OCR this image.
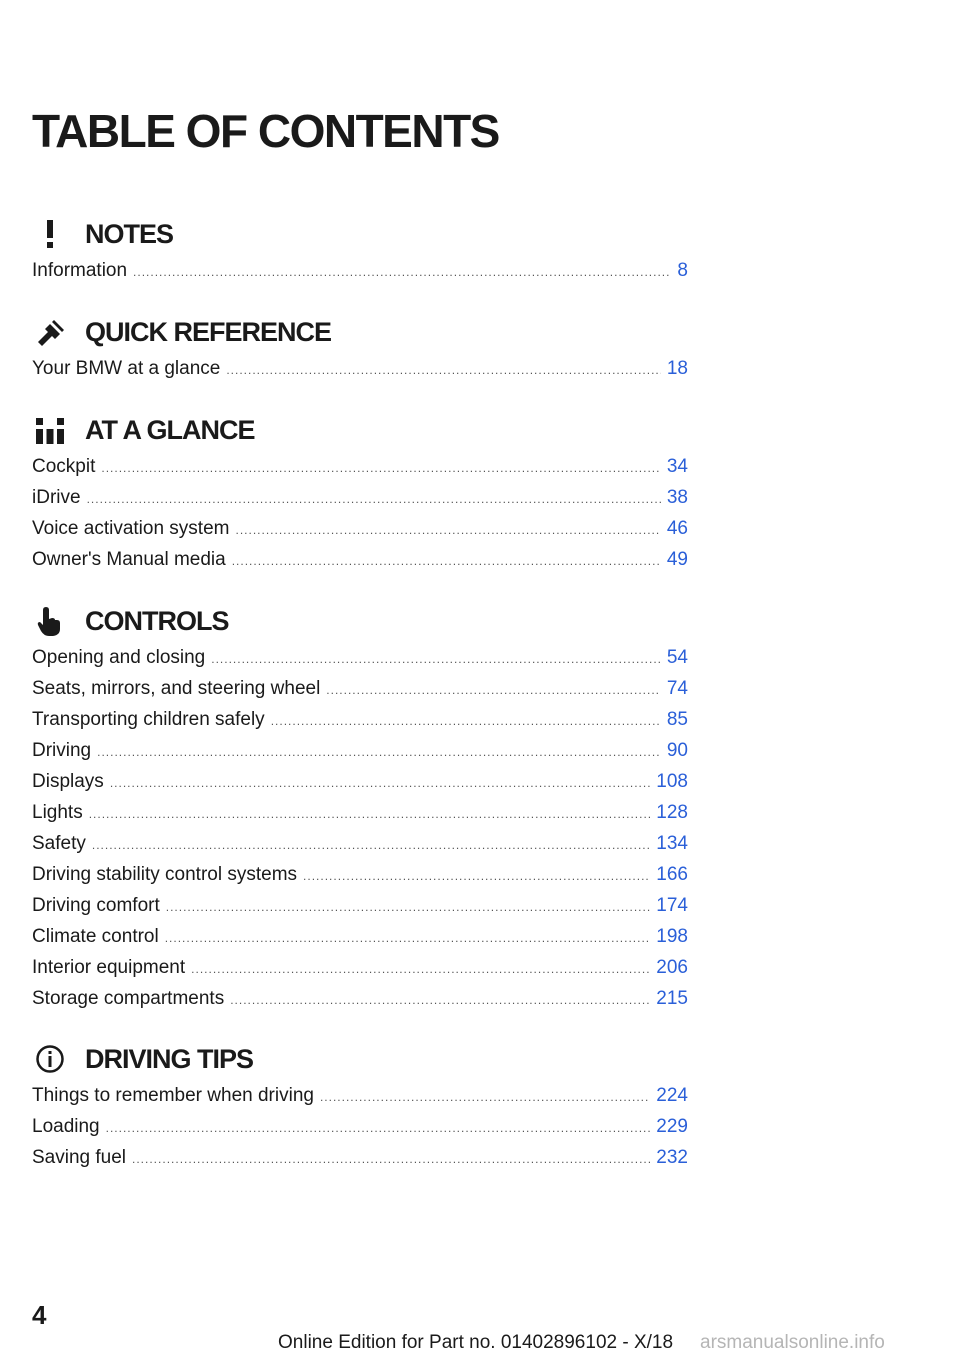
TABLE OF CONTENTS
NOTES
Information .....	8
QUICK REFERENCE
Your BMW at a glance .....	18
AT A GLANCE
Cockpit .....	34
iDrive .....	38
Voice activation system .....	46
Owner's Manual media .....	49
CONTROLS
Opening and closing .....	54
Seats, mirrors, and steering wheel .....	74
Transporting children safely .....	85
Driving .....	90
Displays .....	108
Lights .....	128
Safety .....	134
Driving stability control systems .....	166
Driving comfort .....	174
Climate control .....	198
Interior equipment .....	206
Storage compartments .....	215
DRIVING TIPS
Things to remember when driving .....	224
Loading .....	229
Saving fuel .....	232
4
Online Edition for Part no. 01402896102 - X/18 arsmanualsonline.info
